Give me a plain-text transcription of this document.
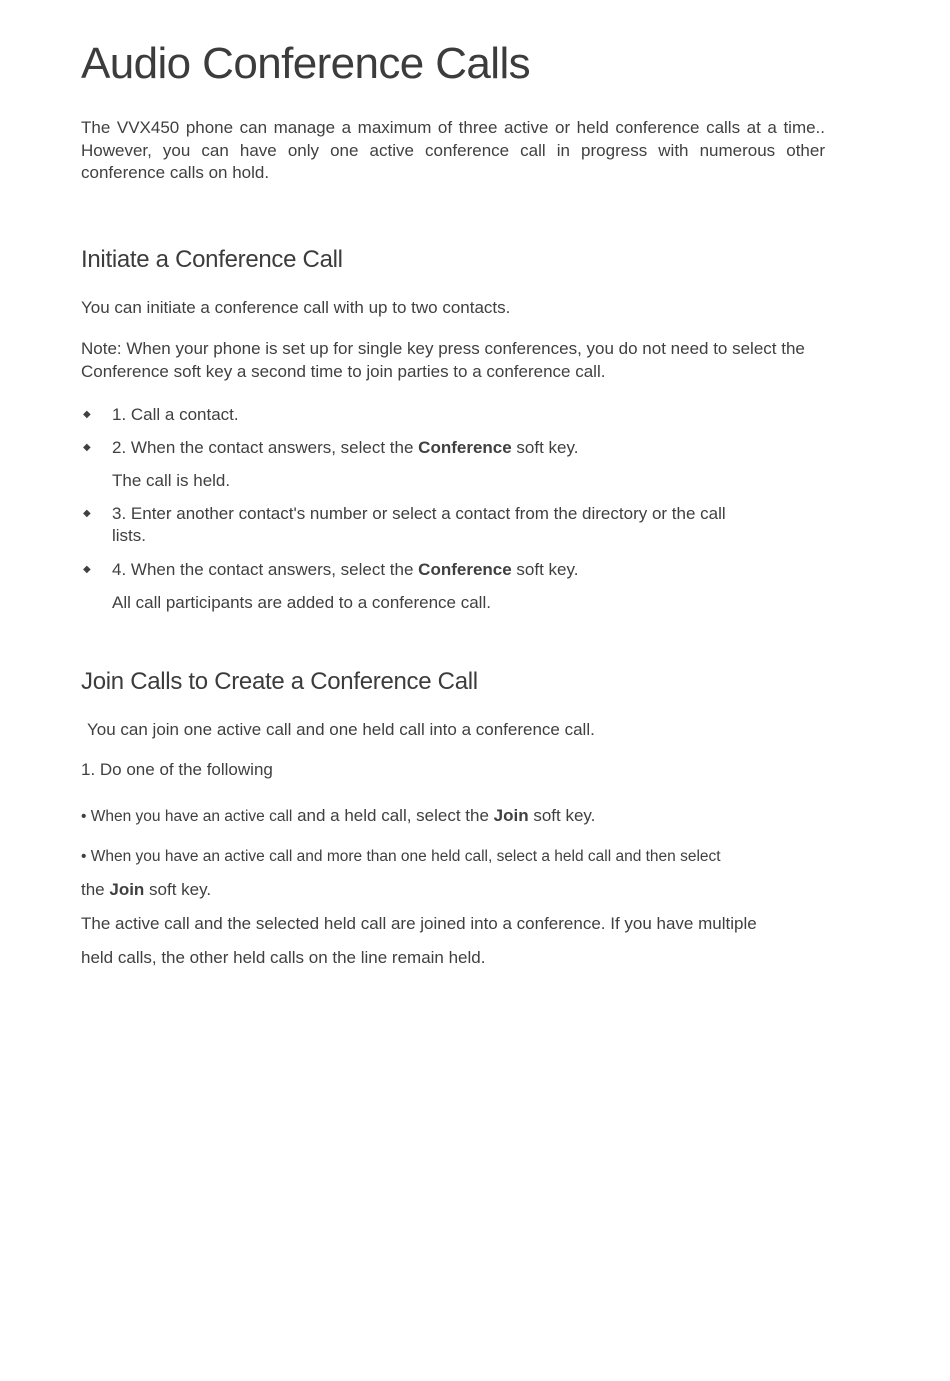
Audio Conference Calls

The VVX450 phone can manage a maximum of three active or held conference calls at a time.. However, you can have only one active conference call in progress with numerous other conference calls on hold.

Initiate a Conference Call

You can initiate a conference call with up to two contacts.

Note: When your phone is set up for single key press conferences, you do not need to select the Conference soft key a second time to join parties to a conference call.

◆ 1. Call a contact.

◆ 2. When the contact answers, select the Conference soft key.

The call is held.

◆ 3. Enter another contact's number or select a contact from the directory or the call lists.

◆ 4. When the contact answers, select the Conference soft key.

All call participants are added to a conference call.

Join Calls to Create a Conference Call

You can join one active call and one held call into a conference call.

1. Do one of the following

• When you have an active call and a held call, select the Join soft key.

• When you have an active call and more than one held call, select a held call and then select

the Join soft key.

The active call and the selected held call are joined into a conference. If you have multiple

held calls, the other held calls on the line remain held.
